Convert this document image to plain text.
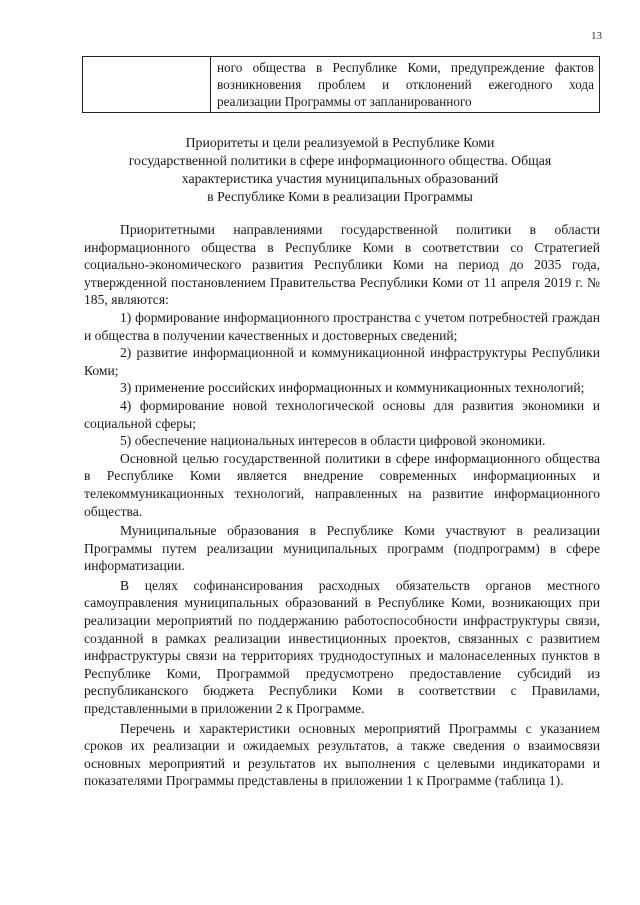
13
	ного общества в Республике Коми, предупреждение фактов возникновения проблем и отклонений ежегодного хода реализации Программы от запланированного
Приоритеты и цели реализуемой в Республике Коми
государственной политики в сфере информационного общества. Общая
характеристика участия муниципальных образований
в Республике Коми в реализации Программы

Приоритетными направлениями государственной политики в области информационного общества в Республике Коми в соответствии со Стратегией социально-экономического развития Республики Коми на период до 2035 года, утвержденной постановлением Правительства Республики Коми от 11 апреля 2019 г. № 185, являются:

1) формирование информационного пространства с учетом потребностей граждан и общества в получении качественных и достоверных сведений;

2) развитие информационной и коммуникационной инфраструктуры Республики Коми;

3) применение российских информационных и коммуникационных технологий;

4) формирование новой технологической основы для развития экономики и социальной сферы;

5) обеспечение национальных интересов в области цифровой экономики.

Основной целью государственной политики в сфере информационного общества в Республике Коми является внедрение современных информационных и телекоммуникационных технологий, направленных на развитие информационного общества.

Муниципальные образования в Республике Коми участвуют в реализации Программы путем реализации муниципальных программ (подпрограмм) в сфере информатизации.

В целях софинансирования расходных обязательств органов местного самоуправления муниципальных образований в Республике Коми, возникающих при реализации мероприятий по поддержанию работоспособности инфраструктуры связи, созданной в рамках реализации инвестиционных проектов, связанных с развитием инфраструктуры связи на территориях труднодоступных и малонаселенных пунктов в Республике Коми, Программой предусмотрено предоставление субсидий из республиканского бюджета Республики Коми в соответствии с Правилами, представленными в приложении 2 к Программе.

Перечень и характеристики основных мероприятий Программы с указанием сроков их реализации и ожидаемых результатов, а также сведения о взаимосвязи основных мероприятий и результатов их выполнения с целевыми индикаторами и показателями Программы представлены в приложении 1 к Программе (таблица 1).
